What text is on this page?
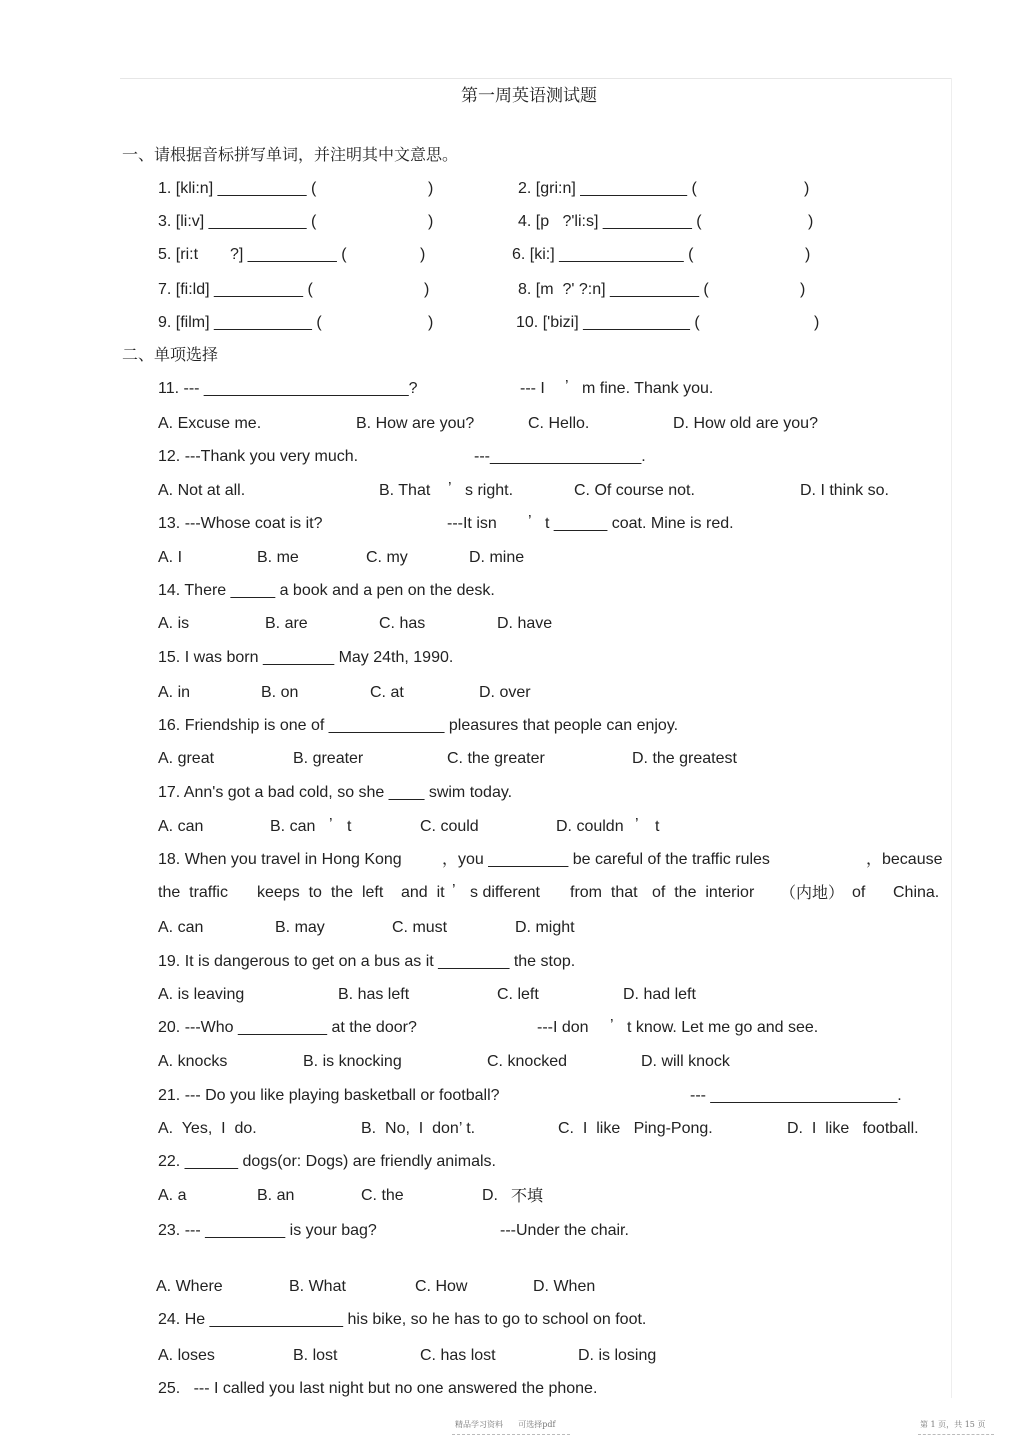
第一周英语测试题
一、请根据音标拼写单词，并注明其中文意思。
1. [kli:n] __________ (	)	2. [gri:n] ____________ (	)
3. [li:v] ___________ (	)	4. [p   ?'li:s] __________ (	)
5. [ri:t ?] __________ (	)	6. [ki:] ______________ (	)
7. [fi:ld] __________ (	)	8. [m  ?' ?:n] __________ (	)
9. [film] ___________ (	)	10. ['bizi] ____________ (	)
二、单项选择
11. --- _______________________?	--- I ’ m fine. Thank you.
A. Excuse me.	B. How are you?	C. Hello.	D. How old are you?
12. ---Thank you very much.	---_________________.
A. Not at all.	B. That ’ s right.	C. Of course not.	D. I think so.
13. ---Whose coat is it?	---It isn ’ t ______ coat. Mine is red.
A. I	B. me	C. my	D. mine
14. There _____ a book and a pen on the desk.
A. is	B. are	C. has	D. have
15. I was born ________ May 24th, 1990.
A. in	B. on	C. at	D. over
16. Friendship is one of _____________ pleasures that people can enjoy.
A. great	B. greater	C. the greater	D. the greatest
17. Ann's got a bad cold, so she ____ swim today.
A. can	B. can ’ t	C. could	D. couldn ’ t
18. When you travel in Hong Kong	，you _________ be careful of the traffic rules	，because
the  traffic keeps  to  the  left and  it ’ s different from  that of  the  interior （内地） of China.
A. can	B. may	C. must	D. might
19. It is dangerous to get on a bus as it ________ the stop.
A. is leaving	B. has left	C. left	D. had left
20. ---Who __________ at the door?	---I don ’ t know. Let me go and see.
A. knocks	B. is knocking	C. knocked	D. will knock
21. --- Do you like playing basketball or football?	--- _____________________.
A.  Yes,  I  do.	B.  No,  I  don’ t.	C.  I  like   Ping-Pong.	D.  I  like   football.
22. ______ dogs(or: Dogs) are friendly animals.
A. a	B. an	C. the	D. 不填
23. --- _________ is your bag?	---Under the chair.
A. Where	B. What	C. How	D. When
24. He _______________ his bike, so he has to go to school on foot.
A. loses	B. lost	C. has lost	D. is losing
25.   --- I called you last night but no one answered the phone.
精品学习资料      可选择pdf	第 1 页，共 15 页
